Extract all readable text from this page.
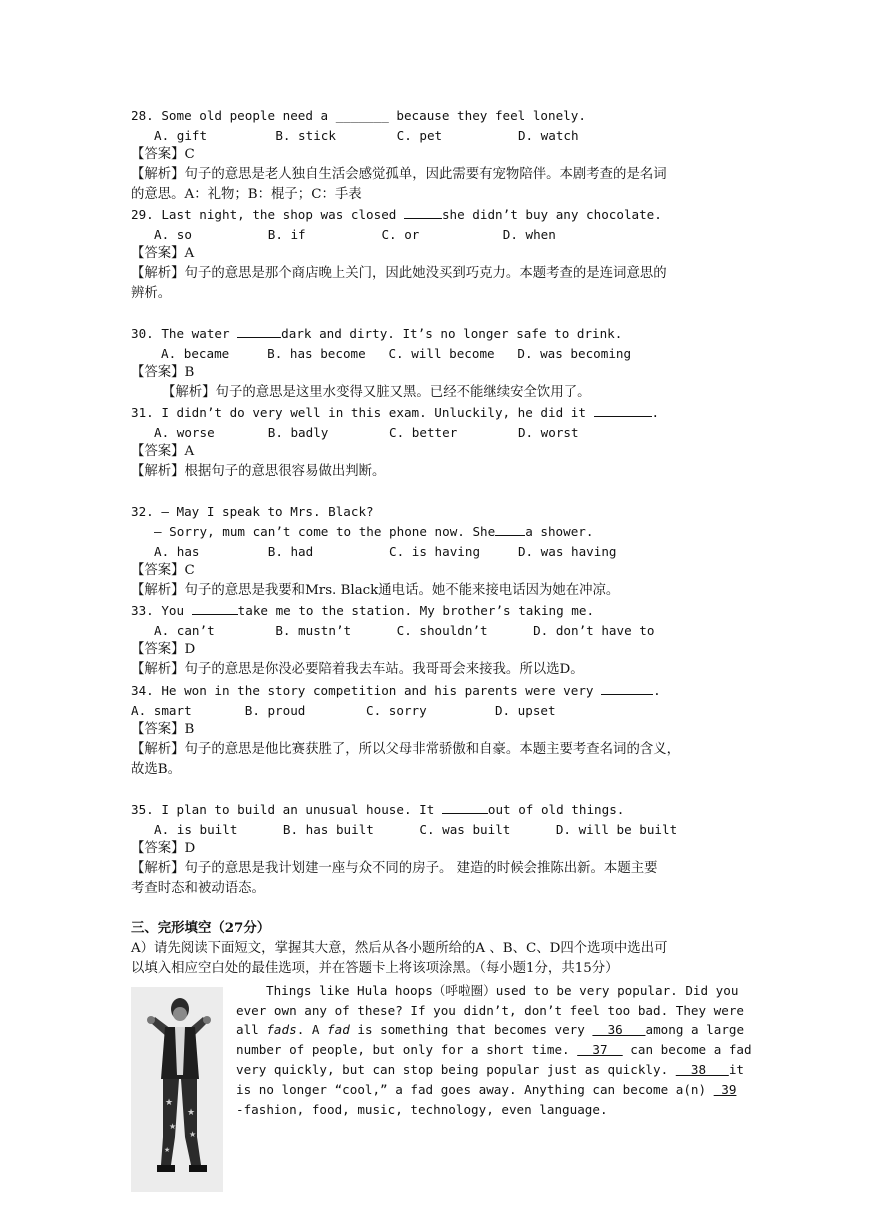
28. Some old people need a _______ because they feel lonely.
A. gift         B. stick        C. pet          D. watch
【答案】C
【解析】句子的意思是老人独自生活会感觉孤单，因此需要有宠物陪伴。本剧考查的是名词
的意思。A：礼物；B：棍子；C：手表
29. Last night, the shop was closed	she didn’t buy any chocolate.
A. so          B. if          C. or           D. when
【答案】A
【解析】句子的意思是那个商店晚上关门，因此她没买到巧克力。本题考查的是连词意思的
辨析。
30. The water	dark and dirty. It’s no longer safe to drink.
A. became     B. has become   C. will become   D. was becoming
【答案】B
【解析】句子的意思是这里水变得又脏又黑。已经不能继续安全饮用了。
31. I didn’t do very well in this exam. Unluckily, he did it	.
A. worse       B. badly        C. better        D. worst
【答案】A
【解析】根据句子的意思很容易做出判断。
32. — May I speak to Mrs. Black?
— Sorry, mum can’t come to the phone now. She a shower.
A. has         B. had          C. is having     D. was having
【答案】C
【解析】句子的意思是我要和Mrs. Black通电话。她不能来接电话因为她在冲凉。
33. You	take me to the station. My brother’s taking me.
A. can’t        B. mustn’t      C. shouldn’t      D. don’t have to
【答案】D
【解析】句子的意思是你没必要陪着我去车站。我哥哥会来接我。所以选D。
34. He won in the story competition and his parents were very	.
A. smart       B. proud        C. sorry         D. upset
【答案】B
【解析】句子的意思是他比赛获胜了，所以父母非常骄傲和自豪。本题主要考查名词的含义，
故选B。
35. I plan to build an unusual house. It	out of old things.
A. is built      B. has built      C. was built      D. will be built
【答案】D
【解析】句子的意思是我计划建一座与众不同的房子。 建造的时候会推陈出新。本题主要
考查时态和被动语态。
三、完形填空（27分）
A）请先阅读下面短文，掌握其大意，然后从各小题所给的A 、B、C、D四个选项中选出可
以填入相应空白处的最佳选项，并在答题卡上将该项涂黑。（每小题1分，共15分）
★
★
★
★
★
Things like Hula hoops（呼啦圈）used to be very popular. Did you
ever own any of these? If you didn’t, don’t feel too bad. They were
all fads. A fad is something that becomes very   36   among a large
number of people, but only for a short time.   37   can become a fad
very quickly, but can stop being popular just as quickly.   38   it
is no longer “cool,” a fad goes away. Anything can become a(n)  39
-fashion, food, music, technology, even language.
